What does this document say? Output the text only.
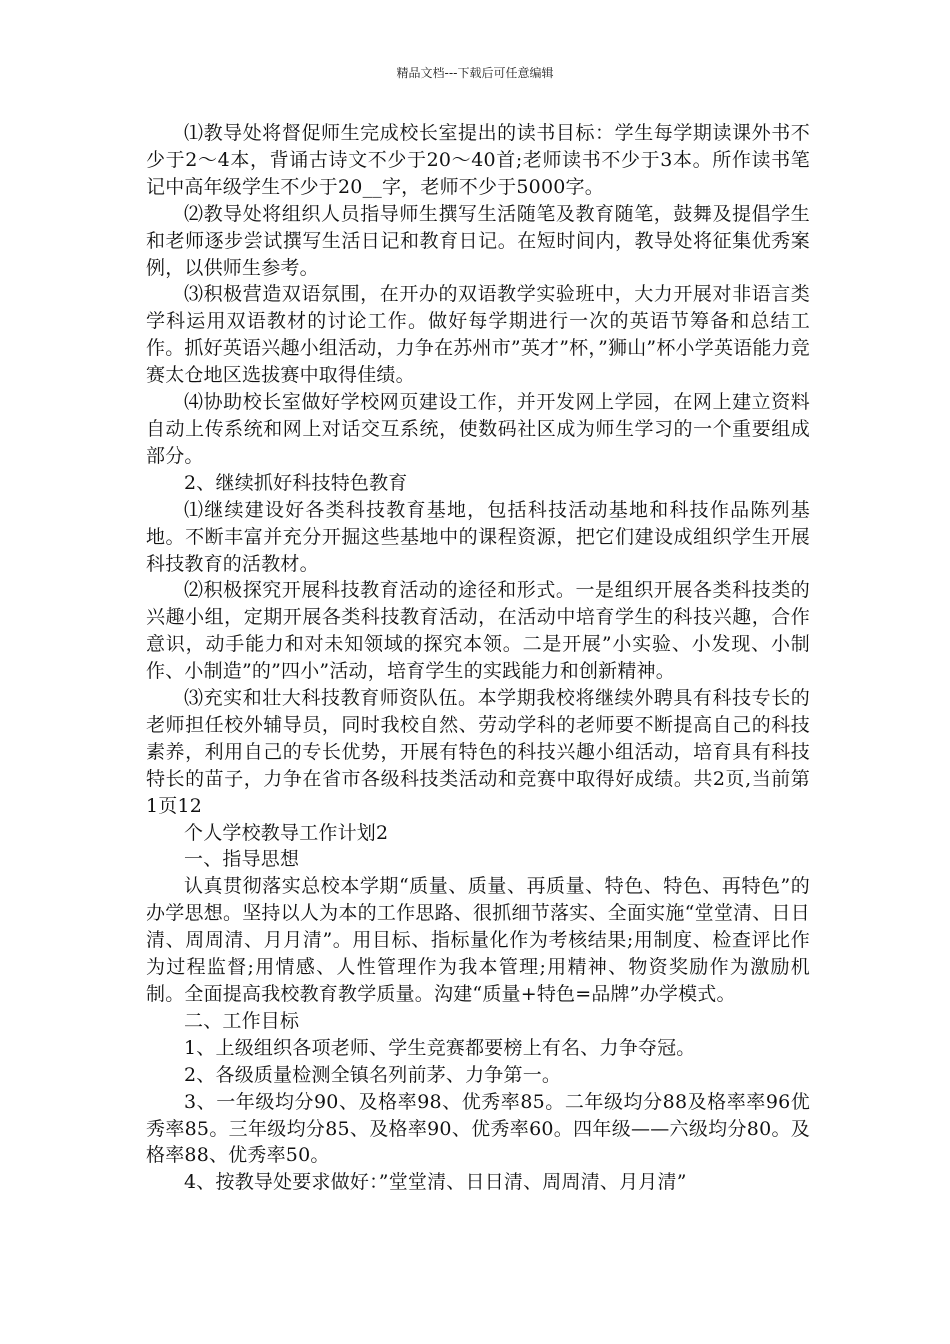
精品文档---下载后可任意编辑

⑴教导处将督促师生完成校长室提出的读书目标：学生每学期读课外书不少于2～4本，背诵古诗文不少于20～40首;老师读书不少于3本。所作读书笔记中高年级学生不少于20__字，老师不少于5000字。

⑵教导处将组织人员指导师生撰写生活随笔及教育随笔，鼓舞及提倡学生和老师逐步尝试撰写生活日记和教育日记。在短时间内，教导处将征集优秀案例，以供师生参考。

⑶积极营造双语氛围，在开办的双语教学实验班中，大力开展对非语言类学科运用双语教材的讨论工作。做好每学期进行一次的英语节筹备和总结工作。抓好英语兴趣小组活动，力争在苏州市”英才”杯，”狮山”杯小学英语能力竞赛太仓地区选拔赛中取得佳绩。

⑷协助校长室做好学校网页建设工作，并开发网上学园，在网上建立资料自动上传系统和网上对话交互系统，使数码社区成为师生学习的一个重要组成部分。

2、继续抓好科技特色教育

⑴继续建设好各类科技教育基地，包括科技活动基地和科技作品陈列基地。不断丰富并充分开掘这些基地中的课程资源，把它们建设成组织学生开展科技教育的活教材。

⑵积极探究开展科技教育活动的途径和形式。一是组织开展各类科技类的兴趣小组，定期开展各类科技教育活动，在活动中培育学生的科技兴趣，合作意识，动手能力和对未知领域的探究本领。二是开展”小实验、小发现、小制作、小制造”的”四小”活动，培育学生的实践能力和创新精神。

⑶充实和壮大科技教育师资队伍。本学期我校将继续外聘具有科技专长的老师担任校外辅导员，同时我校自然、劳动学科的老师要不断提高自己的科技素养，利用自己的专长优势，开展有特色的科技兴趣小组活动，培育具有科技特长的苗子，力争在省市各级科技类活动和竞赛中取得好成绩。共2页,当前第1页12

个人学校教导工作计划2

一、指导思想

认真贯彻落实总校本学期“质量、质量、再质量、特色、特色、再特色”的办学思想。坚持以人为本的工作思路、很抓细节落实、全面实施“堂堂清、日日清、周周清、月月清”。用目标、指标量化作为考核结果;用制度、检查评比作为过程监督;用情感、人性管理作为我本管理;用精神、物资奖励作为激励机制。全面提高我校教育教学质量。沟建“质量+特色=品牌”办学模式。

二、工作目标

1、上级组织各项老师、学生竞赛都要榜上有名、力争夺冠。

2、各级质量检测全镇名列前茅、力争第一。

3、一年级均分90、及格率98、优秀率85。二年级均分88及格率率96优秀率85。三年级均分85、及格率90、优秀率60。四年级——六级均分80。及格率88、优秀率50。

4、按教导处要求做好：”堂堂清、日日清、周周清、月月清”
